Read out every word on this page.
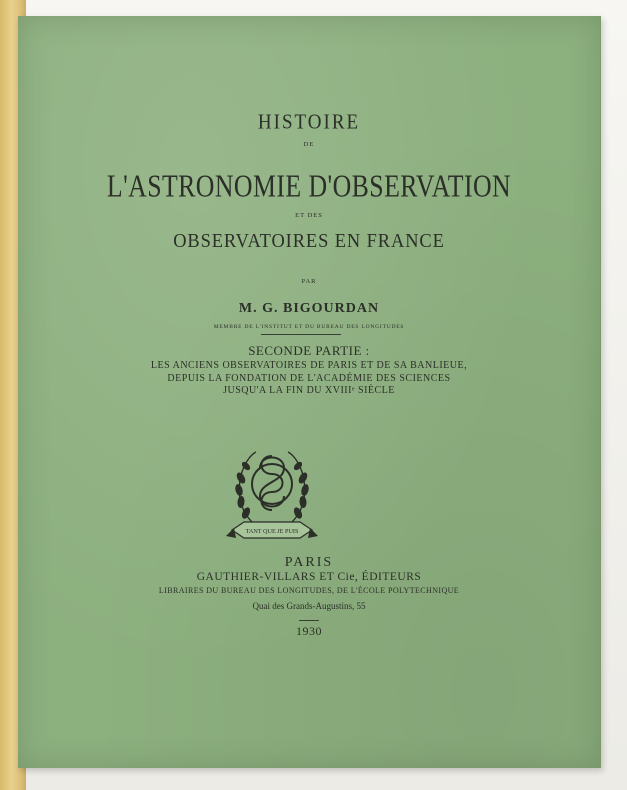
HISTOIRE
DE
L'ASTRONOMIE D'OBSERVATION
ET DES
OBSERVATOIRES EN FRANCE
PAR
M. G. BIGOURDAN
MEMBRE DE L'INSTITUT ET DU BUREAU DES LONGITUDES
SECONDE PARTIE :
LES ANCIENS OBSERVATOIRES DE PARIS ET DE SA BANLIEUE,
DEPUIS LA FONDATION DE L'ACADÉMIE DES SCIENCES
JUSQU'A LA FIN DU XVIIIᵉ SIÈCLE
TANT QUE JE PUIS
PARIS
GAUTHIER-VILLARS ET Cie, ÉDITEURS
LIBRAIRES DU BUREAU DES LONGITUDES, DE L'ÉCOLE POLYTECHNIQUE
Quai des Grands-Augustins, 55
1930
